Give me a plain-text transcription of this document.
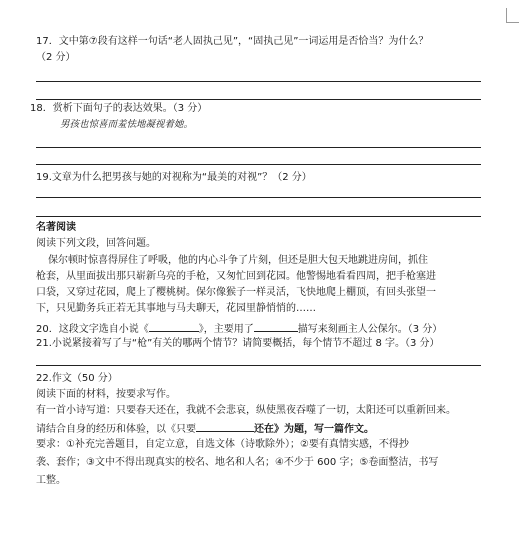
17．文中第⑦段有这样一句话“老人固执己见”，“固执己见”一词运用是否恰当？为什么？
（2 分）
18．赏析下面句子的表达效果。（3 分）
男孩也惊喜而羞怯地凝视着她。
19.文章为什么把男孩与她的对视称为“最美的对视”？（2 分）
名著阅读
阅读下列文段，回答问题。
保尔顿时惊喜得屏住了呼吸，他的内心斗争了片刻，但还是胆大包天地跳进房间，抓住
枪套，从里面拔出那只崭新乌亮的手枪，又匆忙回到花园。他警惕地看看四周，把手枪塞进
口袋，又穿过花园，爬上了樱桃树。保尔像猴子一样灵活，飞快地爬上棚顶，有回头张望一
下，只见勤务兵正若无其事地与马夫聊天，花园里静悄悄的……
20．这段文字选自小说《	》，主要用了	描写来刻画主人公保尔。（3 分）
21.小说紧接着写了与“枪”有关的哪两个情节？请简要概括，每个情节不超过 8 字。（3 分）
22.作文（50 分）
阅读下面的材料，按要求写作。
有一首小诗写道：只要春天还在，我就不会悲哀，纵使黑夜吞噬了一切，太阳还可以重新回来。
请结合自身的经历和体验，以《只要	还在》为题，写一篇作文。
要求：①补充完善题目，自定立意，自选文体（诗歌除外）；②要有真情实感，不得抄
袭、套作；③文中不得出现真实的校名、地名和人名；④不少于 600 字；⑤卷面整洁，书写
工整。
